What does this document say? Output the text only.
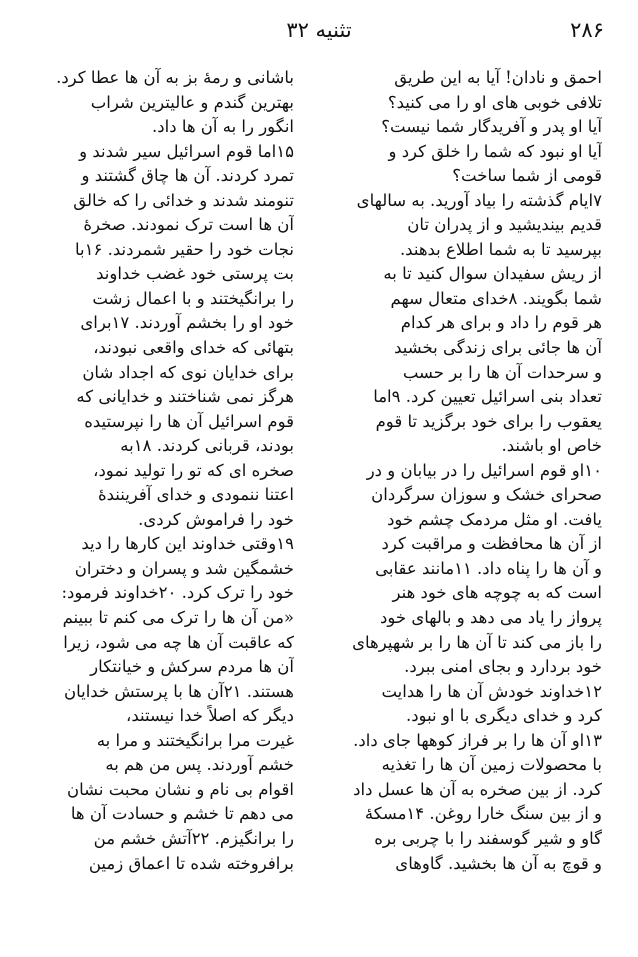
۲۸۶
تثنیه ۳۲
احمق و نادان! آیا به این طریق
تلافی خوبی های او را می کنید؟
آیا او پدر و آفریدگار شما نیست؟
آیا او نبود که شما را خلق کرد و
قومی از شما ساخت؟
۷ایام گذشته را بیاد آورید. به سالهای
قدیم بیندیشید و از پدران تان
بپرسید تا به شما اطلاع بدهند.
از ریش سفیدان سوال کنید تا به
شما بگویند. ۸خدای متعال سهم
هر قوم را داد و برای هر کدام
آن ها جائی برای زندگی بخشید
و سرحدات آن ها را بر حسب
تعداد بنی اسرائیل تعیین کرد. ۹اما
یعقوب را برای خود برگزید تا قوم
خاص او باشند.
۱۰او قوم اسرائیل را در بیابان و در
صحرای خشک و سوزان سرگردان
یافت. او مثل مردمک چشم خود
از آن ها محافظت و مراقبت کرد
و آن ها را پناه داد. ۱۱مانند عقابی
است که به چوچه های خود هنر
پرواز را یاد می دهد و بالهای خود
را باز می کند تا آن ها را بر شهپرهای
خود بردارد و بجای امنی ببرد.
۱۲خداوند خودش آن ها را هدایت
کرد و خدای دیگری با او نبود.
۱۳او آن ها را بر فراز کوهها جای داد.
با محصولات زمین آن ها را تغذیه
کرد. از بین صخره به آن ها عسل داد
و از بین سنگ خارا روغن. ۱۴مسکهٔ
گاو و شیر گوسفند را با چربی بره
و قوچ به آن ها بخشید. گاوهای
باشانی و رمهٔ بز به آن ها عطا کرد.
بهترین گندم و عالیترین شراب
انگور را به آن ها داد.
۱۵اما قوم اسرائیل سیر شدند و
تمرد کردند. آن ها چاق گشتند و
تنومند شدند و خدائی را که خالق
آن ها است ترک نمودند. صخرهٔ
نجات خود را حقیر شمردند. ۱۶با
بت پرستی خود غضب خداوند
را برانگیختند و با اعمال زشت
خود او را بخشم آوردند. ۱۷برای
بتهائی که خدای واقعی نبودند،
برای خدایان نوی که اجداد شان
هرگز نمی شناختند و خدایانی که
قوم اسرائیل آن ها را نپرستیده
بودند، قربانی کردند. ۱۸به
صخره ای که تو را تولید نمود،
اعتنا ننمودی و خدای آفرینندهٔ
خود را فراموش کردی.
۱۹وقتی خداوند این کارها را دید
خشمگین شد و پسران و دختران
خود را ترک کرد. ۲۰خداوند فرمود:
«من آن ها را ترک می کنم تا ببینم
که عاقبت آن ها چه می شود، زیرا
آن ها مردم سرکش و خیانتکار
هستند. ۲۱آن ها با پرستش خدایان
دیگر که اصلاً خدا نیستند،
غیرت مرا برانگیختند و مرا به
خشم آوردند. پس من هم به
اقوام بی نام و نشان محبت نشان
می دهم تا خشم و حسادت آن ها
را برانگیزم. ۲۲آتش خشم من
برافروخته شده تا اعماق زمین
